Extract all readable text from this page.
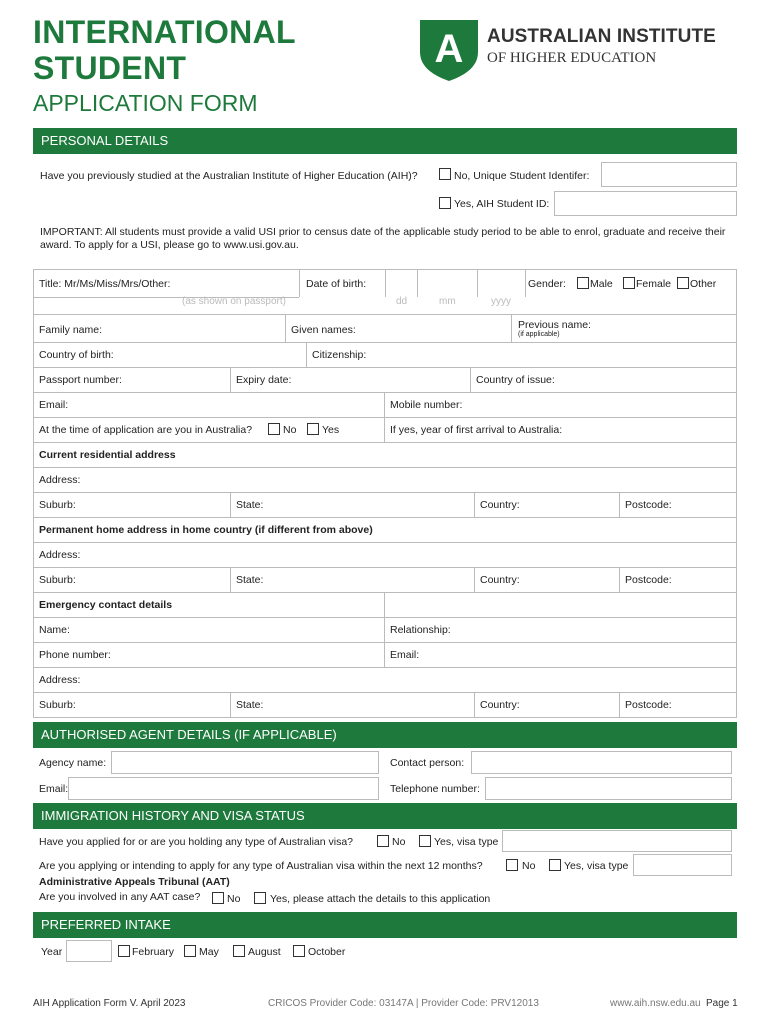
INTERNATIONAL
STUDENT
APPLICATION FORM
A AUSTRALIAN INSTITUTE
OF HIGHER EDUCATION
PERSONAL DETAILS
Have you previously studied at the Australian Institute of Higher Education (AIH)?	No, Unique Student Identifer:
Yes, AIH Student ID:
IMPORTANT: All students must provide a valid USI prior to census date of the applicable study period to be able to enrol, graduate and receive their award. To apply for a USI, please go to www.usi.gov.au.
Title: Mr/Ms/Miss/Mrs/Other:	Date of birth:	Gender: Male Female Other
(as shown on passport)	dd	mm	yyyy
Family name:	Given names:	Previous name:
(if applicable)
Country of birth:	Citizenship:
Passport number:	Expiry date:	Country of issue:
Email:	Mobile number:
At the time of application are you in Australia?	No Yes	If yes, year of first arrival to Australia:
Current residential address
Address:
Suburb:	State:	Country:	Postcode:
Permanent home address in home country (if different from above)
Address:
Suburb:	State:	Country:	Postcode:
Emergency contact details
Name:	Relationship:
Phone number:	Email:
Address:
Suburb:	State:	Country:	Postcode:
AUTHORISED AGENT DETAILS (IF APPLICABLE)
Agency name:	Contact person:
Email:	Telephone number:
IMMIGRATION HISTORY AND VISA STATUS
Have you applied for or are you holding any type of Australian visa?	No	Yes, visa type
Are you applying or intending to apply for any type of Australian visa within the next 12 months?	No	Yes, visa type
Administrative Appeals Tribunal (AAT)
Are you involved in any AAT case?	No	Yes, please attach the details to this application
PREFERRED INTAKE
Year	February May	August	October
AIH Application Form V. April 2023	CRICOS Provider Code: 03147A | Provider Code: PRV12013	www.aih.nsw.edu.au Page 1
